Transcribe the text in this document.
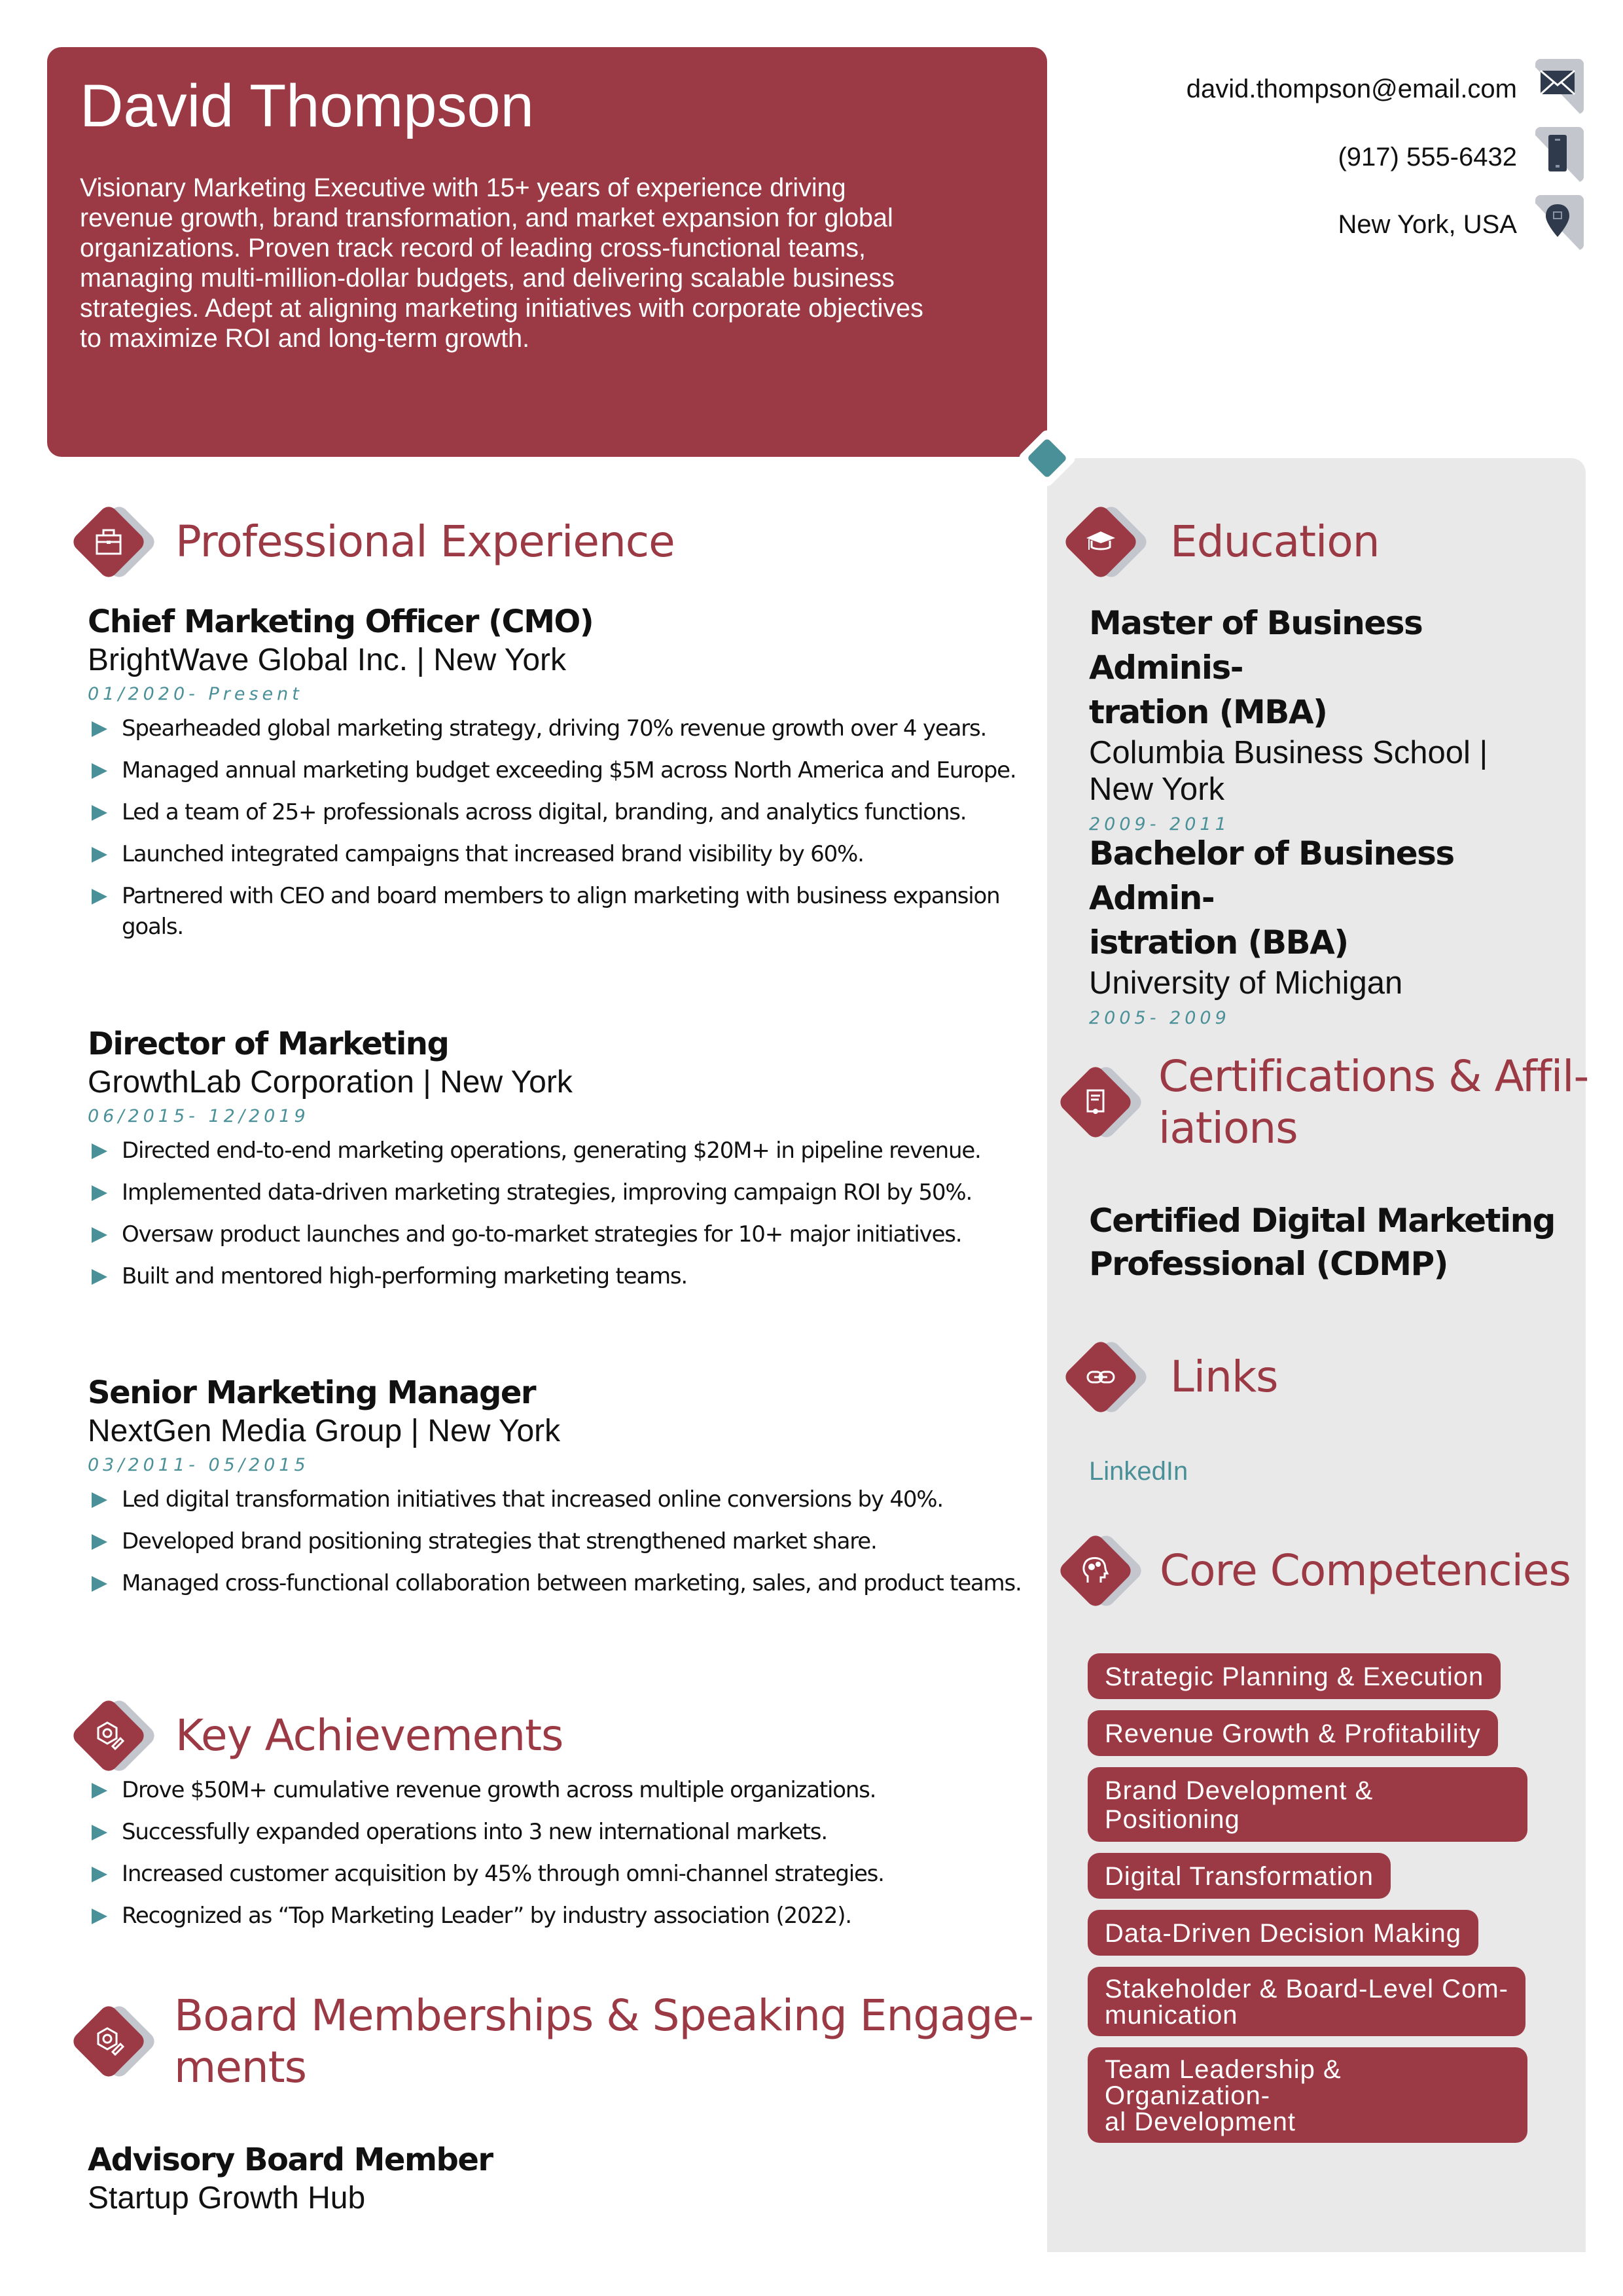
David Thompson
Visionary Marketing Executive with 15+ years of experience driving revenue growth, brand transformation, and market expansion for global organizations. Proven track record of leading cross-functional teams, managing multi-million-dollar budgets, and delivering scalable business strategies. Adept at aligning marketing initiatives with corporate objectives to maximize ROI and long-term growth.
david.thompson@email.com
(917) 555-6432
New York, USA
Professional Experience
Chief Marketing Officer (CMO)
BrightWave Global Inc. | New York
01/2020- Present
Spearheaded global marketing strategy, driving 70% revenue growth over 4 years.
Managed annual marketing budget exceeding $5M across North America and Europe.
Led a team of 25+ professionals across digital, branding, and analytics functions.
Launched integrated campaigns that increased brand visibility by 60%.
Partnered with CEO and board members to align marketing with business expansion goals.
Director of Marketing
GrowthLab Corporation | New York
06/2015- 12/2019
Directed end-to-end marketing operations, generating $20M+ in pipeline revenue.
Implemented data-driven marketing strategies, improving campaign ROI by 50%.
Oversaw product launches and go-to-market strategies for 10+ major initiatives.
Built and mentored high-performing marketing teams.
Senior Marketing Manager
NextGen Media Group | New York
03/2011- 05/2015
Led digital transformation initiatives that increased online conversions by 40%.
Developed brand positioning strategies that strengthened market share.
Managed cross-functional collaboration between marketing, sales, and product teams.
Key Achievements
Drove $50M+ cumulative revenue growth across multiple organizations.
Successfully expanded operations into 3 new international markets.
Increased customer acquisition by 45% through omni-channel strategies.
Recognized as “Top Marketing Leader” by industry association (2022).
Board Memberships & Speaking Engage-
ments
Advisory Board Member
Startup Growth Hub
Education
Master of Business Adminis-
tration (MBA)
Columbia Business School |
New York
2009- 2011
Bachelor of Business Admin-
istration (BBA)
University of Michigan
2005- 2009
Certifications & Affil-
iations
Certified Digital Marketing
Professional (CDMP)
Links
LinkedIn
Core Competencies
Strategic Planning & Execution
Revenue Growth & Profitability
Brand Development & Positioning
Digital Transformation
Data-Driven Decision Making
Stakeholder & Board-Level Com-
munication
Team Leadership & Organization-
al Development
